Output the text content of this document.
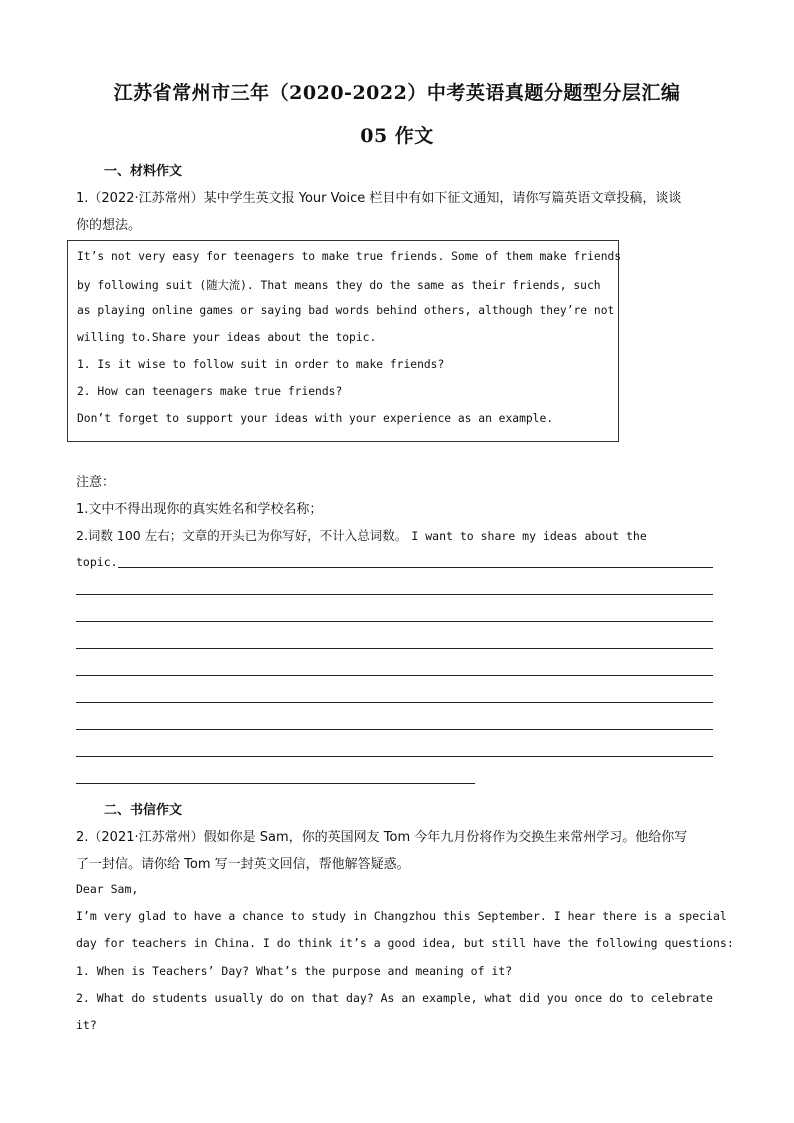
江苏省常州市三年（2020-2022）中考英语真题分题型分层汇编
05 作文
一、材料作文
1.（2022·江苏常州）某中学生英文报 Your Voice 栏目中有如下征文通知，请你写篇英语文章投稿，谈谈
你的想法。
It’s not very easy for teenagers to make true friends. Some of them make friends
by following suit (随大流). That means they do the same as their friends, such
as playing online games or saying bad words behind others, although they’re not
willing to.Share your ideas about the topic.
1. Is it wise to follow suit in order to make friends?
2. How can teenagers make true friends?
Don’t forget to support your ideas with your experience as an example.
注意：
1.文中不得出现你的真实姓名和学校名称；
2.词数 100 左右；文章的开头已为你写好，不计入总词数。 I want to share my ideas about the
topic.
二、书信作文
2.（2021·江苏常州）假如你是 Sam，你的英国网友 Tom 今年九月份将作为交换生来常州学习。他给你写
了一封信。请你给 Tom 写一封英文回信，帮他解答疑惑。
Dear Sam,
I’m very glad to have a chance to study in Changzhou this September. I hear there is a special
day for teachers in China. I do think it’s a good idea, but still have the following questions:
1. When is Teachers’ Day? What’s the purpose and meaning of it?
2. What do students usually do on that day? As an example, what did you once do to celebrate
it?
